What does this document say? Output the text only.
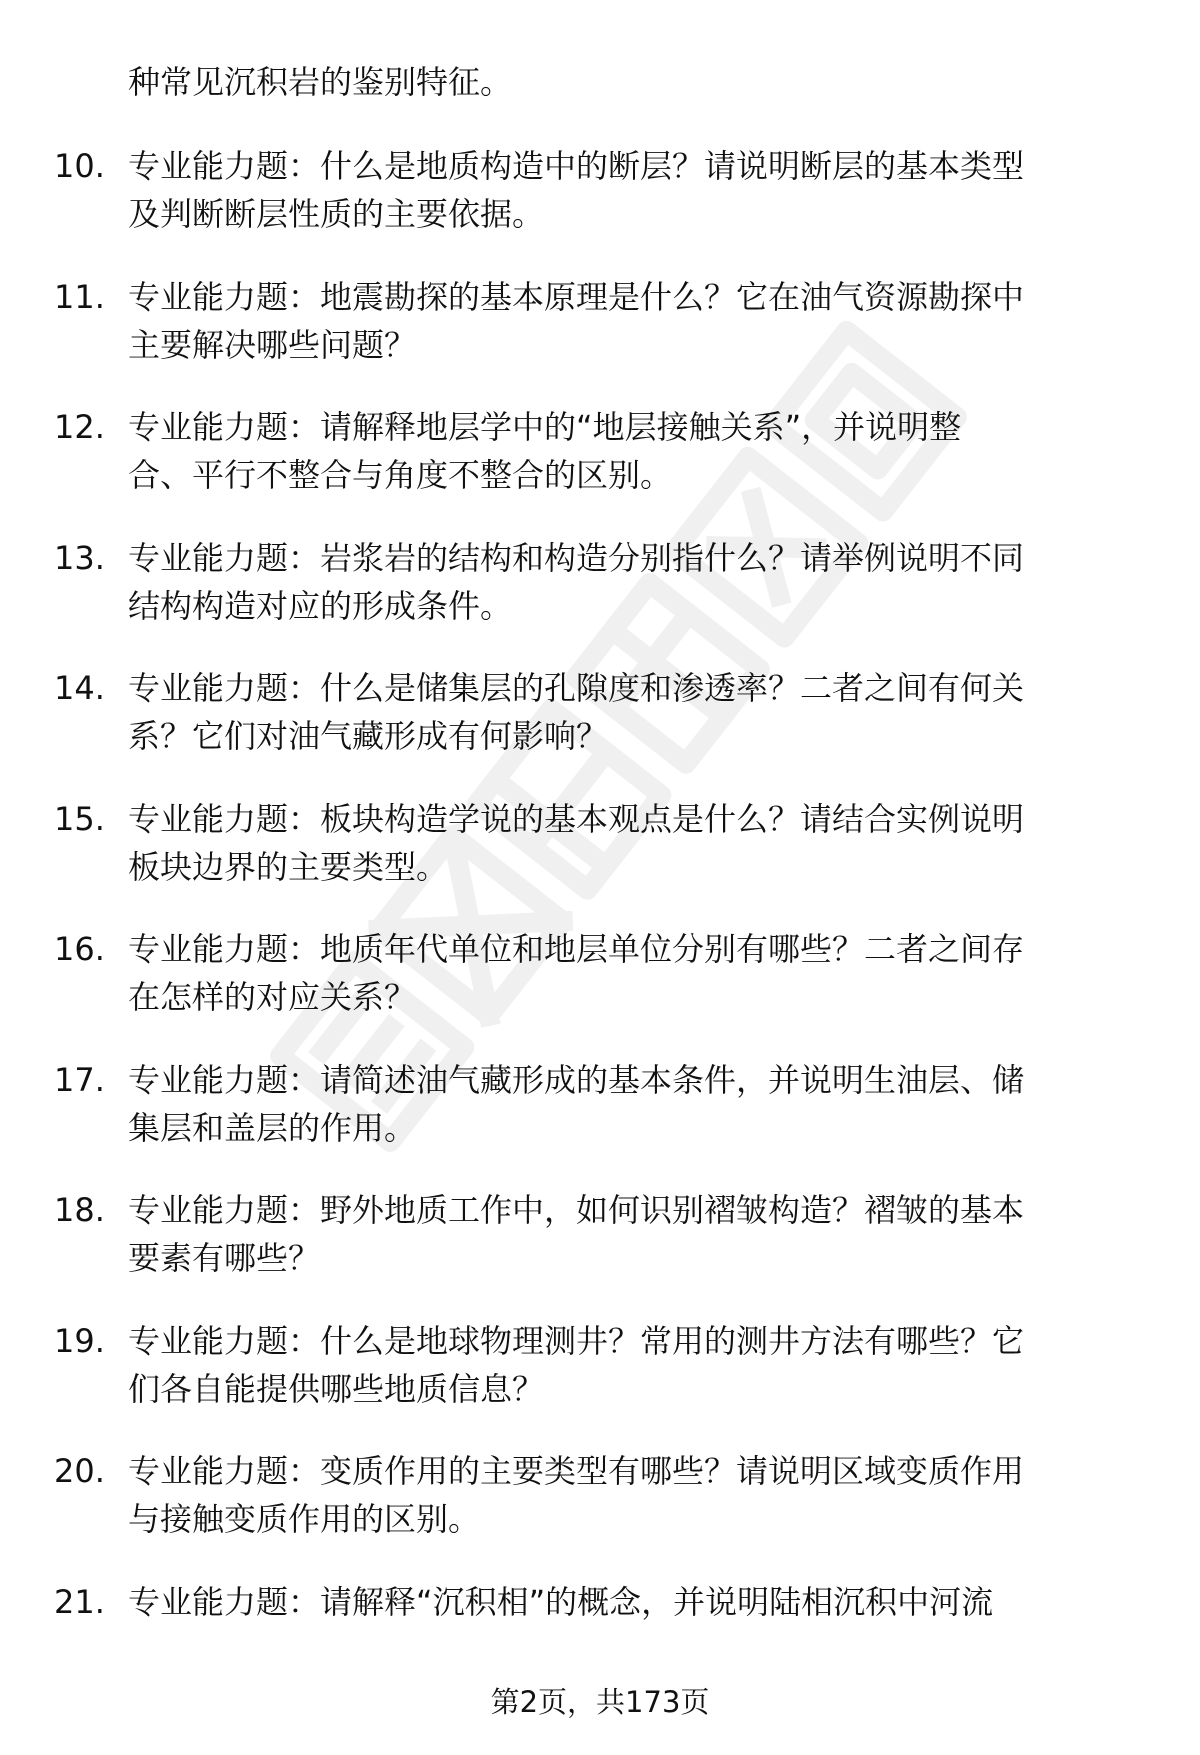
种常见沉积岩的鉴别特征。
10. 专业能力题：什么是地质构造中的断层？请说明断层的基本类型
及判断断层性质的主要依据。
11. 专业能力题：地震勘探的基本原理是什么？它在油气资源勘探中
主要解决哪些问题？
12. 专业能力题：请解释地层学中的“地层接触关系”，并说明整
合、平行不整合与角度不整合的区别。
13. 专业能力题：岩浆岩的结构和构造分别指什么？请举例说明不同
结构构造对应的形成条件。
14. 专业能力题：什么是储集层的孔隙度和渗透率？二者之间有何关
系？它们对油气藏形成有何影响？
15. 专业能力题：板块构造学说的基本观点是什么？请结合实例说明
板块边界的主要类型。
16. 专业能力题：地质年代单位和地层单位分别有哪些？二者之间存
在怎样的对应关系？
17. 专业能力题：请简述油气藏形成的基本条件，并说明生油层、储
集层和盖层的作用。
18. 专业能力题：野外地质工作中，如何识别褶皱构造？褶皱的基本
要素有哪些？
19. 专业能力题：什么是地球物理测井？常用的测井方法有哪些？它
们各自能提供哪些地质信息？
20. 专业能力题：变质作用的主要类型有哪些？请说明区域变质作用
与接触变质作用的区别。
21. 专业能力题：请解释“沉积相”的概念，并说明陆相沉积中河流
第2页，共173页
